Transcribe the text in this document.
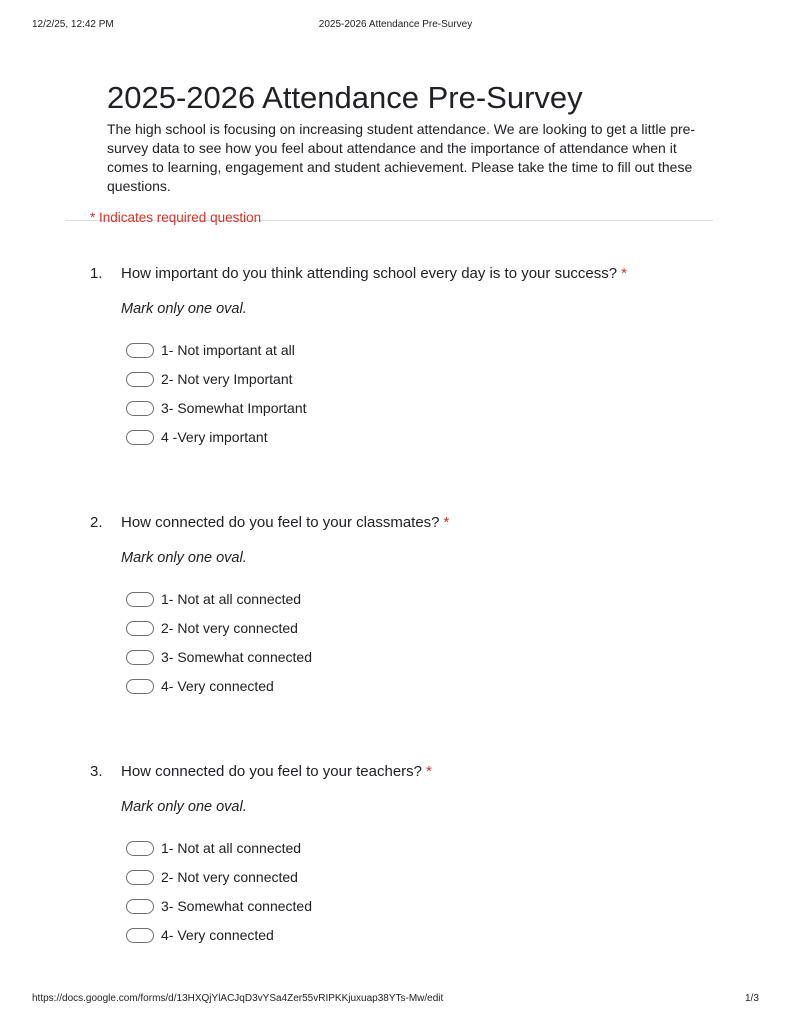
12/2/25, 12:42 PM	2025-2026 Attendance Pre-Survey
2025-2026 Attendance Pre-Survey
The high school is focusing on increasing student attendance. We are looking to get a little pre-survey data to see how you feel about attendance and the importance of attendance when it comes to learning, engagement and student achievement. Please take the time to fill out these questions.
* Indicates required question
1. How important do you think attending school every day is to your success? *
Mark only one oval.
1- Not important at all
2- Not very Important
3- Somewhat Important
4 -Very important
2. How connected do you feel to your classmates? *
Mark only one oval.
1- Not at all connected
2- Not very connected
3- Somewhat connected
4- Very connected
3. How connected do you feel to your teachers? *
Mark only one oval.
1- Not at all connected
2- Not very connected
3- Somewhat connected
4- Very connected
https://docs.google.com/forms/d/13HXQjYlACJqD3vYSa4Zer55vRIPKKjuxuap38YTs-Mw/edit	1/3
